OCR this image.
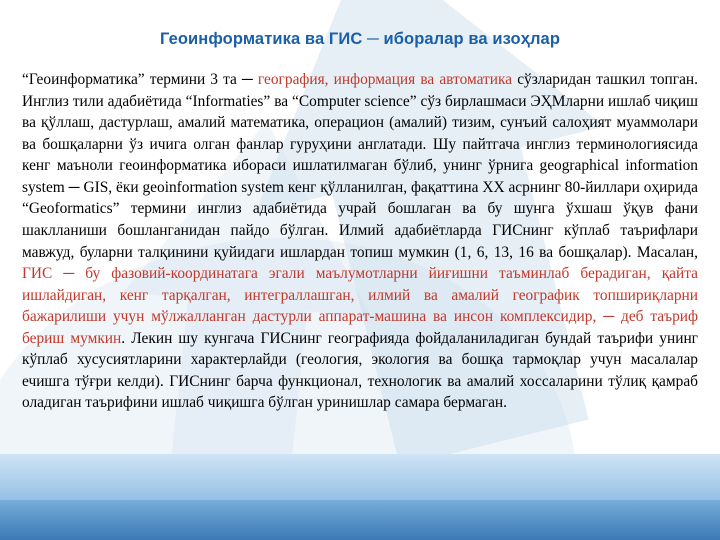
Геоинформатика ва ГИС ─ иборалар ва изоҳлар
“Геоинформатика” термини 3 та ─ география, информация ва автоматика сўзларидан ташкил топган. Инглиз тили адабиётида “Informaties” ва “Computer science” сўз бирлашмаси ЭҲМларни ишлаб чиқиш ва қўллаш, дастурлаш, амалий математика, операцион (амалий) тизим, сунъий салоҳият муаммолари ва бошқаларни ўз ичига олган фанлар гуруҳини англатади. Шу пайтгача инглиз терминологиясида кенг маъноли геоинформатика ибораси ишлатилмаган бўлиб, унинг ўрнига geographical information system ─ GIS, ёки geoinformation system кенг қўлланилган, фақаттина ХХ асрнинг 80-йиллари оҳирида “Geoformatics” термини инглиз адабиётида учрай бошлаган ва бу шунга ўхшаш ўқув фани шаклланиши бошланганидан пайдо бўлган. Илмий адабиётларда ГИСнинг кўплаб таърифлари мавжуд, буларни талқинини қуйидаги ишлардан топиш мумкин (1, 6, 13, 16 ва бошқалар). Масалан, ГИС ─ бу фазовий-координатага эгали маълумотларни йиғишни таъминлаб берадиган, қайта ишлайдиган, кенг тарқалган, интеграллашган, илмий ва амалий географик топшириқларни бажарилиши учун мўлжалланган дастурли аппарат-машина ва инсон комплексидир, ─ деб таъриф бериш мумкин. Лекин шу кунгача ГИСнинг географияда фойдаланиладиган бундай таърифи унинг кўплаб хусусиятларини характерлайди (геология, экология ва бошқа тармоқлар учун масалалар ечишга тўғри келди). ГИСнинг барча функционал, технологик ва амалий хоссаларини тўлиқ қамраб оладиган таърифини ишлаб чиқишга бўлган уринишлар самара бермаган.
